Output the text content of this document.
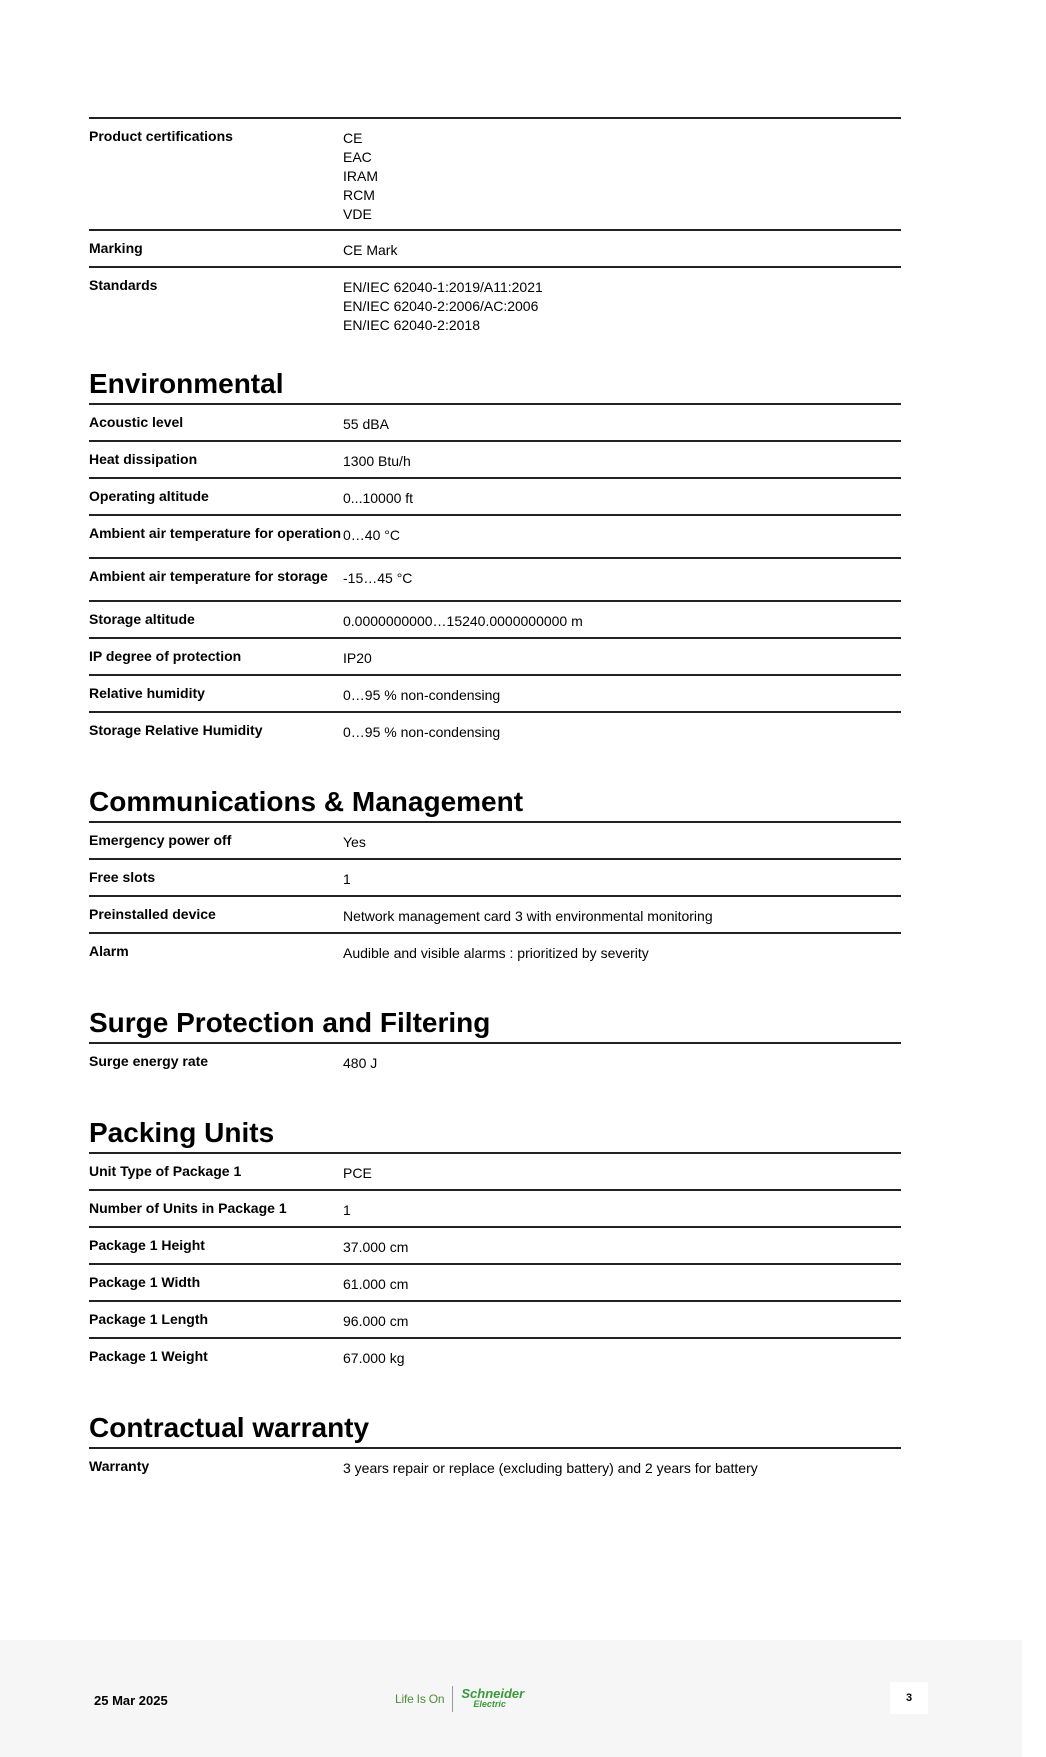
Product certifications	CE
EAC
IRAM
RCM
VDE
Marking	CE Mark
Standards	EN/IEC 62040-1:2019/A11:2021
EN/IEC 62040-2:2006/AC:2006
EN/IEC 62040-2:2018
Environmental
Acoustic level	55 dBA
Heat dissipation	1300 Btu/h
Operating altitude	0...10000 ft
Ambient air temperature for operation 0…40 °C
Ambient air temperature for storage	-15…45 °C
Storage altitude	0.0000000000…15240.0000000000 m
IP degree of protection	IP20
Relative humidity	0…95 % non-condensing
Storage Relative Humidity	0…95 % non-condensing
Communications & Management
Emergency power off	Yes
Free slots	1
Preinstalled device	Network management card 3 with environmental monitoring
Alarm	Audible and visible alarms : prioritized by severity
Surge Protection and Filtering
Surge energy rate	480 J
Packing Units
Unit Type of Package 1	PCE
Number of Units in Package 1	1
Package 1 Height	37.000 cm
Package 1 Width	61.000 cm
Package 1 Length	96.000 cm
Package 1 Weight	67.000 kg
Contractual warranty
Warranty	3 years repair or replace (excluding battery) and 2 years for battery
25 Mar 2025	Life Is On Schneider
Electric	3
